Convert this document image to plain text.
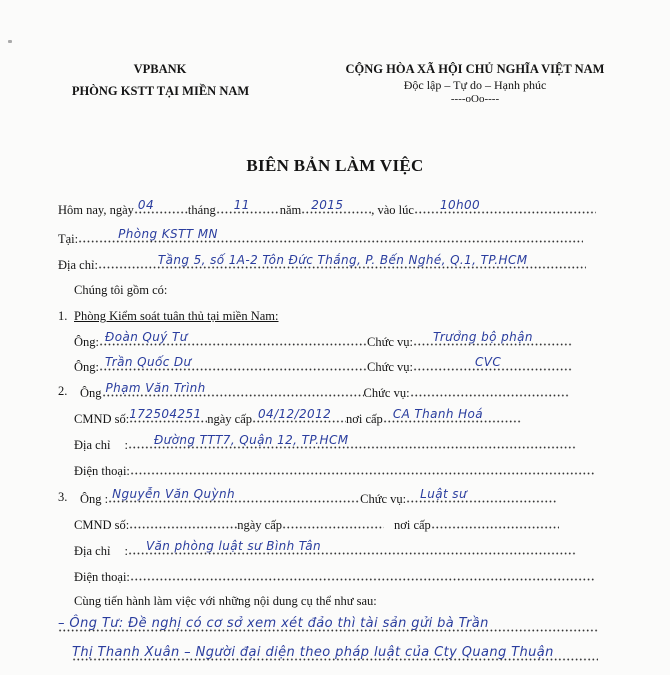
VPBANK
PHÒNG KSTT TẠI MIỀN NAM
CỘNG HÒA XÃ HỘI CHỦ NGHĨA VIỆT NAM
Độc lập – Tự do – Hạnh phúc
----oOo----
BIÊN BẢN LÀM VIỆC
Hôm nay, ngày 04	tháng 11	năm 2015	, vào lúc 10h00
Tại:	Phòng KSTT MN
Địa chỉ:	Tầng 5, số 1A-2 Tôn Đức Thắng, P. Bến Nghé, Q.1, TP.HCM
Chúng tôi gồm có:
1. Phòng Kiểm soát tuân thủ tại miền Nam:
Ông: Đoàn Quý Tư	Chức vụ: Trưởng bộ phận
Ông: Trần Quốc Dư	Chức vụ:	CVC
2. Ông Phạm Văn Trình	Chức vụ:
CMND số: 172504251 ngày cấp 04/12/2012	nơi cấp CA Thanh Hoá
Địa chỉ : Đường TTT7, Quận 12, TP.HCM
Điện thoại:
3. Ông : Nguyễn Văn Quỳnh	Chức vụ: Luật sư
CMND số:	ngày cấp	nơi cấp
Địa chỉ : Văn phòng luật sư Bình Tân
Điện thoại:
Cùng tiến hành làm việc với những nội dung cụ thể như sau:
– Ông Tư: Đề nghị có cơ sở xem xét đảo thì tài sản gửi bà Trần
Thị Thanh Xuân – Người đại diện theo pháp luật của Cty Quang Thuận
